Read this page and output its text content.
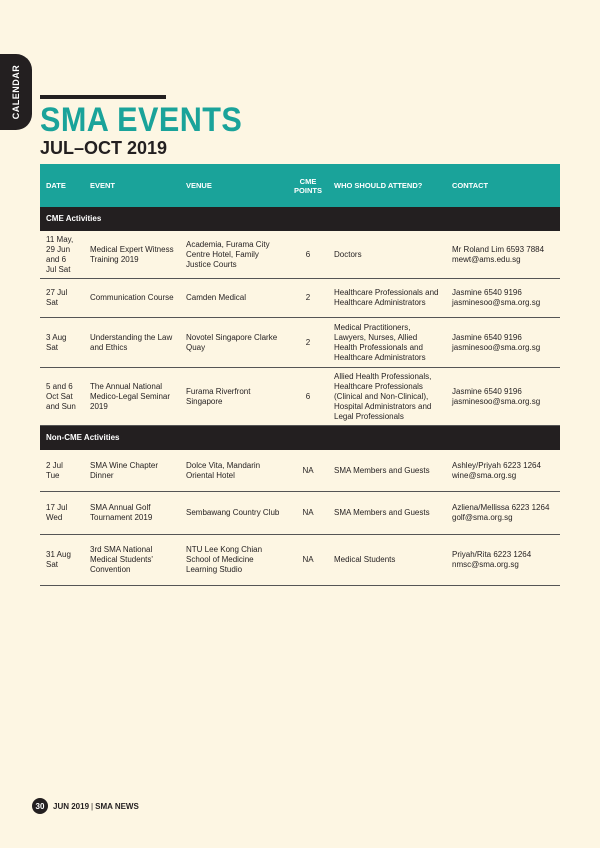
CALENDAR
SMA EVENTS
JUL–OCT 2019
DATE	EVENT	VENUE	CME POINTS	WHO SHOULD ATTEND?	CONTACT
CME Activities					
11 May, 29 Jun and 6 Jul Sat	Medical Expert Witness Training 2019	Academia, Furama City Centre Hotel, Family Justice Courts	6	Doctors	Mr Roland Lim 6593 7884 mewt@ams.edu.sg
27 Jul Sat	Communication Course	Camden Medical	2	Healthcare Professionals and Healthcare Administrators	Jasmine 6540 9196 jasminesoo@sma.org.sg
3 Aug Sat	Understanding the Law and Ethics	Novotel Singapore Clarke Quay	2	Medical Practitioners, Lawyers, Nurses, Allied Health Professionals and Healthcare Administrators	Jasmine 6540 9196 jasminesoo@sma.org.sg
5 and 6 Oct Sat and Sun	The Annual National Medico-Legal Seminar 2019	Furama Riverfront Singapore	6	Allied Health Professionals, Healthcare Professionals (Clinical and Non-Clinical), Hospital Administrators and Legal Professionals	Jasmine 6540 9196 jasminesoo@sma.org.sg
Non-CME Activities					
2 Jul Tue	SMA Wine Chapter Dinner	Dolce Vita, Mandarin Oriental Hotel	NA	SMA Members and Guests	Ashley/Priyah 6223 1264 wine@sma.org.sg
17 Jul Wed	SMA Annual Golf Tournament 2019	Sembawang Country Club	NA	SMA Members and Guests	Azliena/Mellissa 6223 1264 golf@sma.org.sg
31 Aug Sat	3rd SMA National Medical Students' Convention	NTU Lee Kong Chian School of Medicine Learning Studio	NA	Medical Students	Priyah/Rita 6223 1264 nmsc@sma.org.sg
30	JUN 2019 | SMA NEWS
